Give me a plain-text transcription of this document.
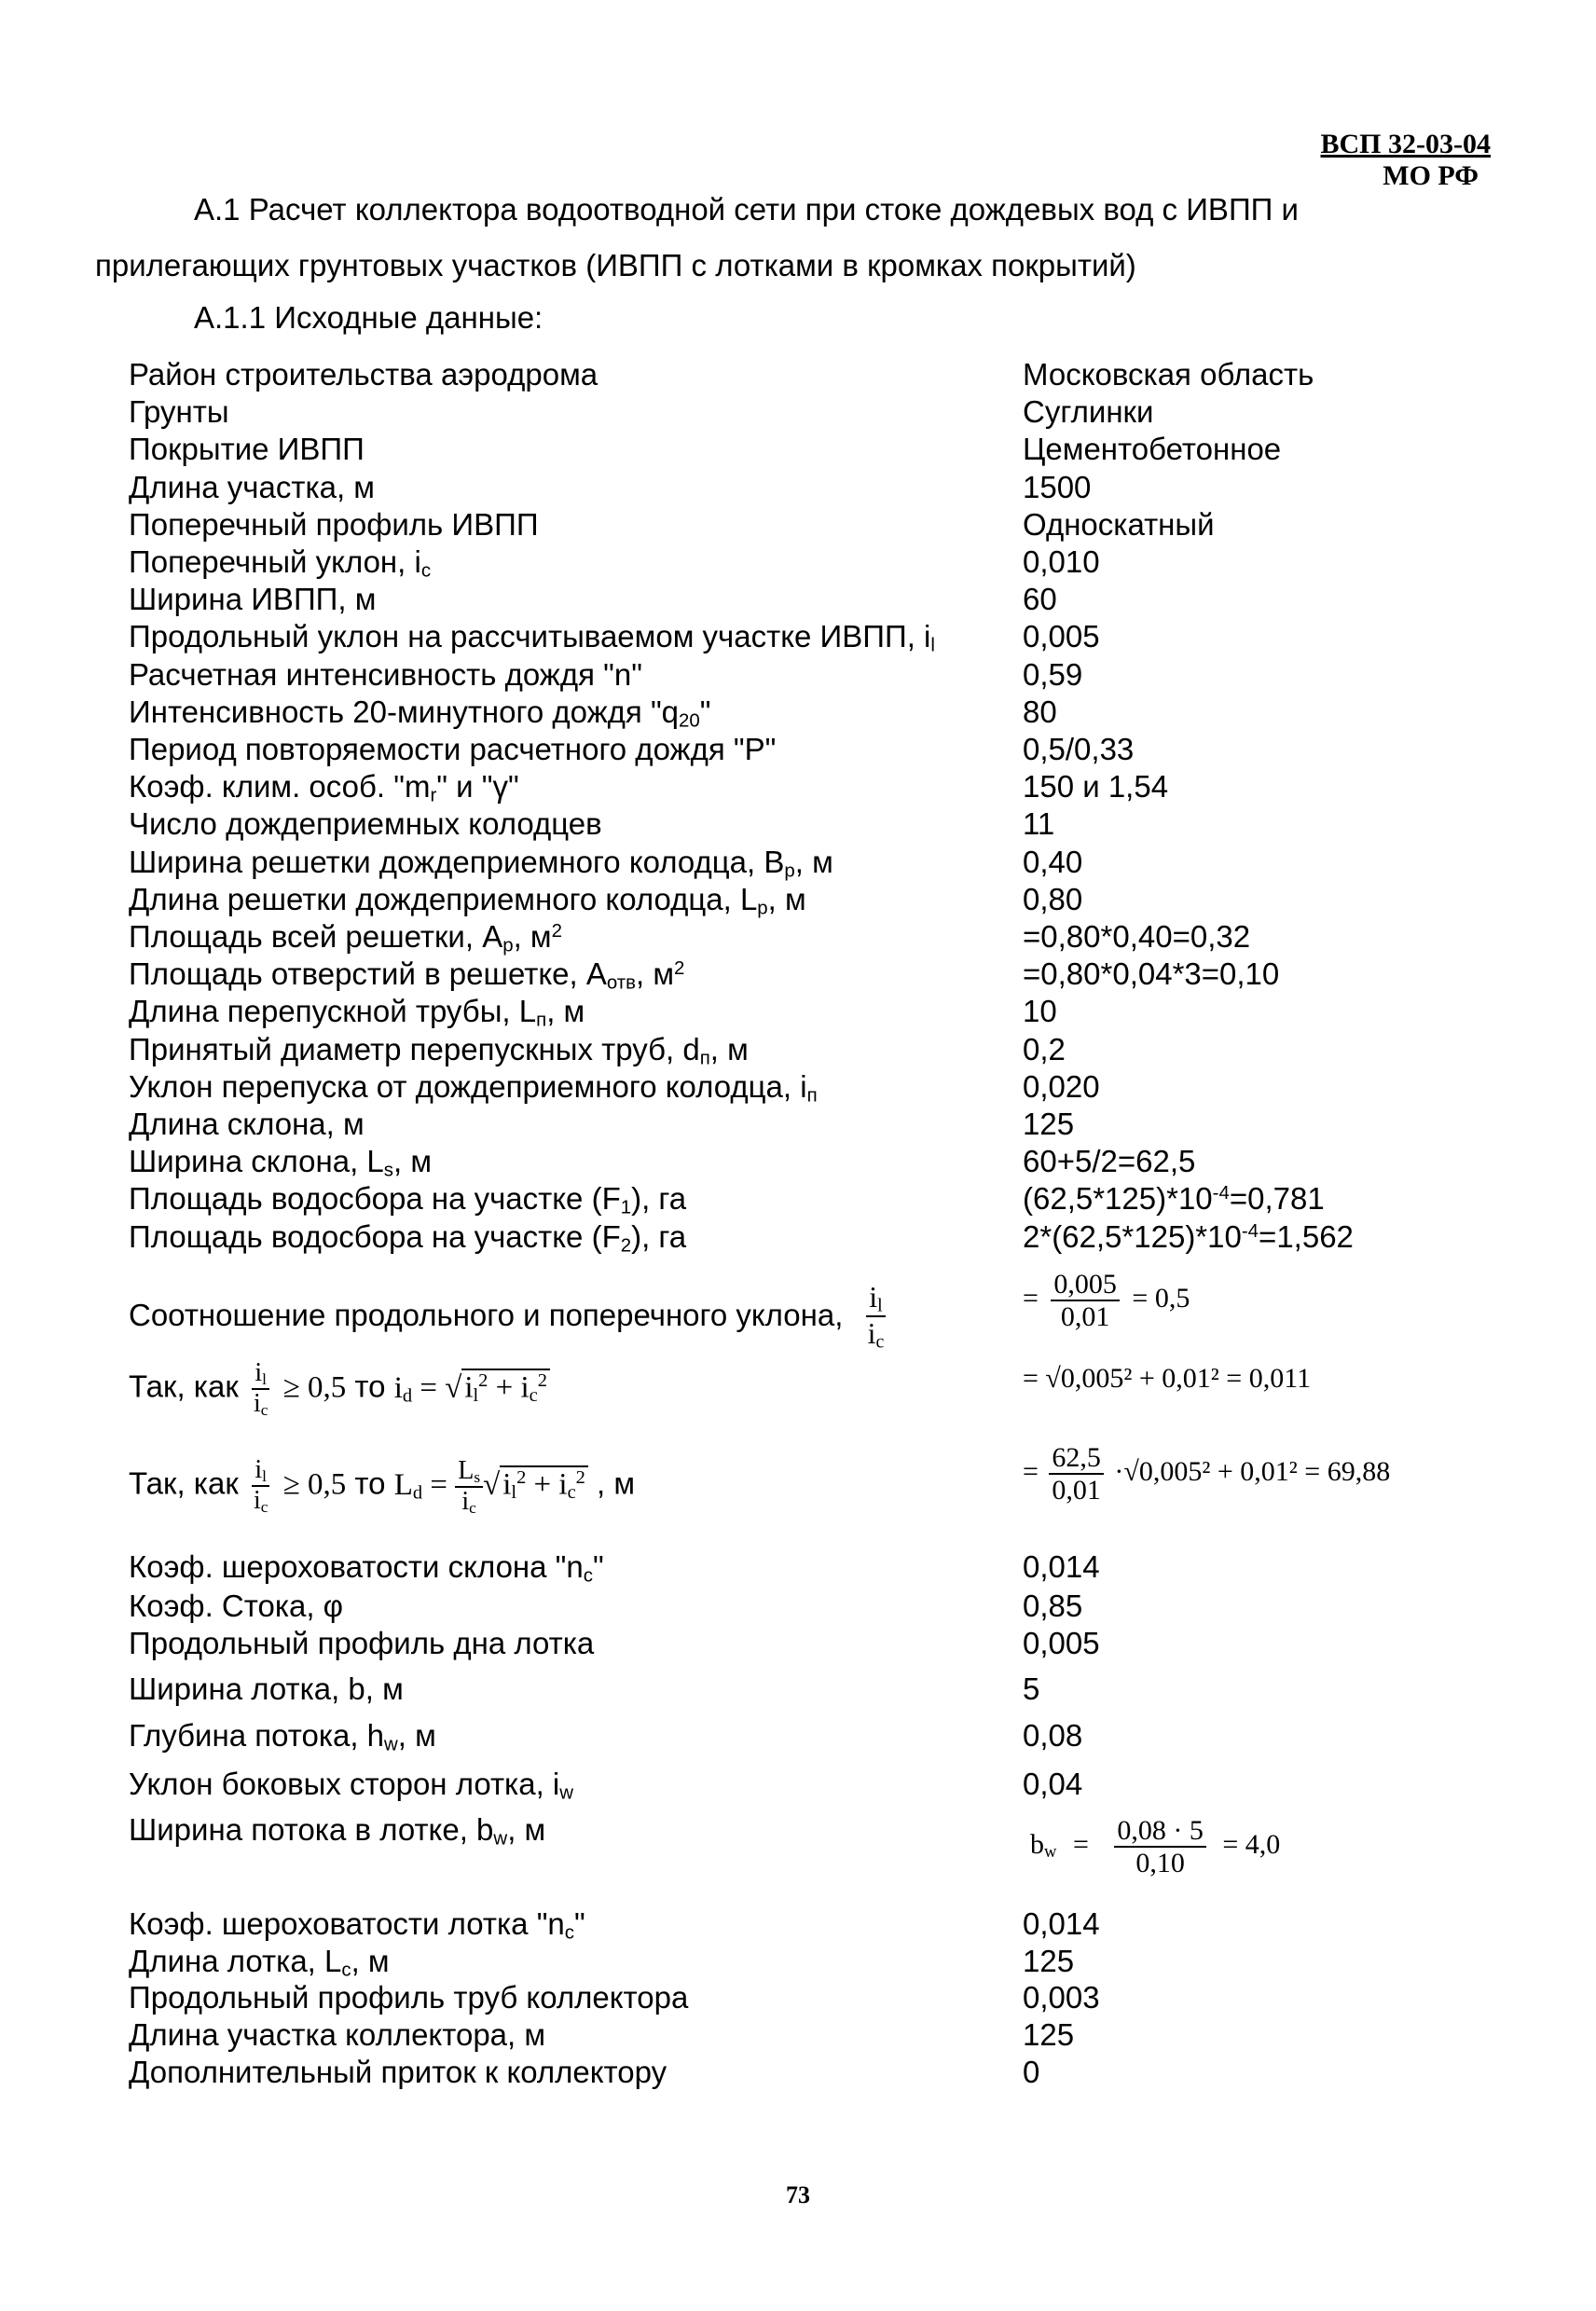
ВСП 32-03-04
МО РФ
А.1 Расчет коллектора водоотводной сети при стоке дождевых вод с ИВПП и
прилегающих грунтовых участков (ИВПП с лотками в кромках покрытий)
А.1.1 Исходные данные:
Район строительства аэродрома	Московская область
Грунты	Суглинки
Покрытие ИВПП	Цементобетонное
Длина участка, м	1500
Поперечный профиль ИВПП	Односкатный
Поперечный уклон, $i_c$	0,010
Ширина ИВПП, м	60
Продольный уклон на рассчитываемом участке ИВПП, $i_l$	0,005
Расчетная интенсивность дождя "n"	0,59
Интенсивность 20-минутного дождя "$q_{20}$"	80
Период повторяемости расчетного дождя "P"	0,5/0,33
Коэф. клим. особ. "$m_r$" и "γ"	150 и 1,54
Число дождеприемных колодцев	11
Ширина решетки дождеприемного колодца, $B_p$, м	0,40
Длина решетки дождеприемного колодца, $L_p$, м	0,80
Площадь всей решетки, $A_p$, $м^2$	=0,80*0,40=0,32
Площадь отверстий в решетке, $A_{отв}$, $м^2$	=0,80*0,04*3=0,10
Длина перепускной трубы, $L_п$, м	10
Принятый диаметр перепускных труб, $d_п$, м	0,2
Уклон перепуска от дождеприемного колодца, $i_п$	0,020
Длина склона, м	125
Ширина склона, $L_s$, м	60+5/2=62,5
Площадь водосбора на участке $(F_1)$, га	$(62,5*125)*10^{-4}=0,781$
Площадь водосбора на участке $(F_2)$, га	$2*(62,5*125)*10^{-4}=1,562$
Соотношение продольного и поперечного уклона, $\frac{i_l}{i_c}$	= $\frac{0,005}{0,01} = 0,5$
Так, как $\frac{i_l}{i_c} \ge 0,5$ то $i_d = √i_l^2 + i_c^2$	= √0,005² + 0,01² = 0,011
Так, как $\frac{i_l}{i_c} \ge 0,5$ то $L_d = \frac{L_s}{i_c} √i_l^2 + i_c^2$ , м	= $\frac{62,5}{0,01} \cdot√0,005^2 + 0,01^2 = 69,88$
Коэф. шероховатости склона "$n_c$"	0,014
Коэф. Стока, φ	0,85
Продольный профиль дна лотка	0,005
Ширина лотка, b, м	5
Глубина потока, $h_w$, м	0,08
Уклон боковых сторон лотка, $i_w$	0,04
Ширина потока в лотке, $b_w$, м	$b_w = \frac{0,08 \cdot 5}{0,10} = 4,0$
Коэф. шероховатости лотка "$n_c$"	0,014
Длина лотка, $L_c$, м	125
Продольный профиль труб коллектора	0,003
Длина участка коллектора, м	125
Дополнительный приток к коллектору	0
73
